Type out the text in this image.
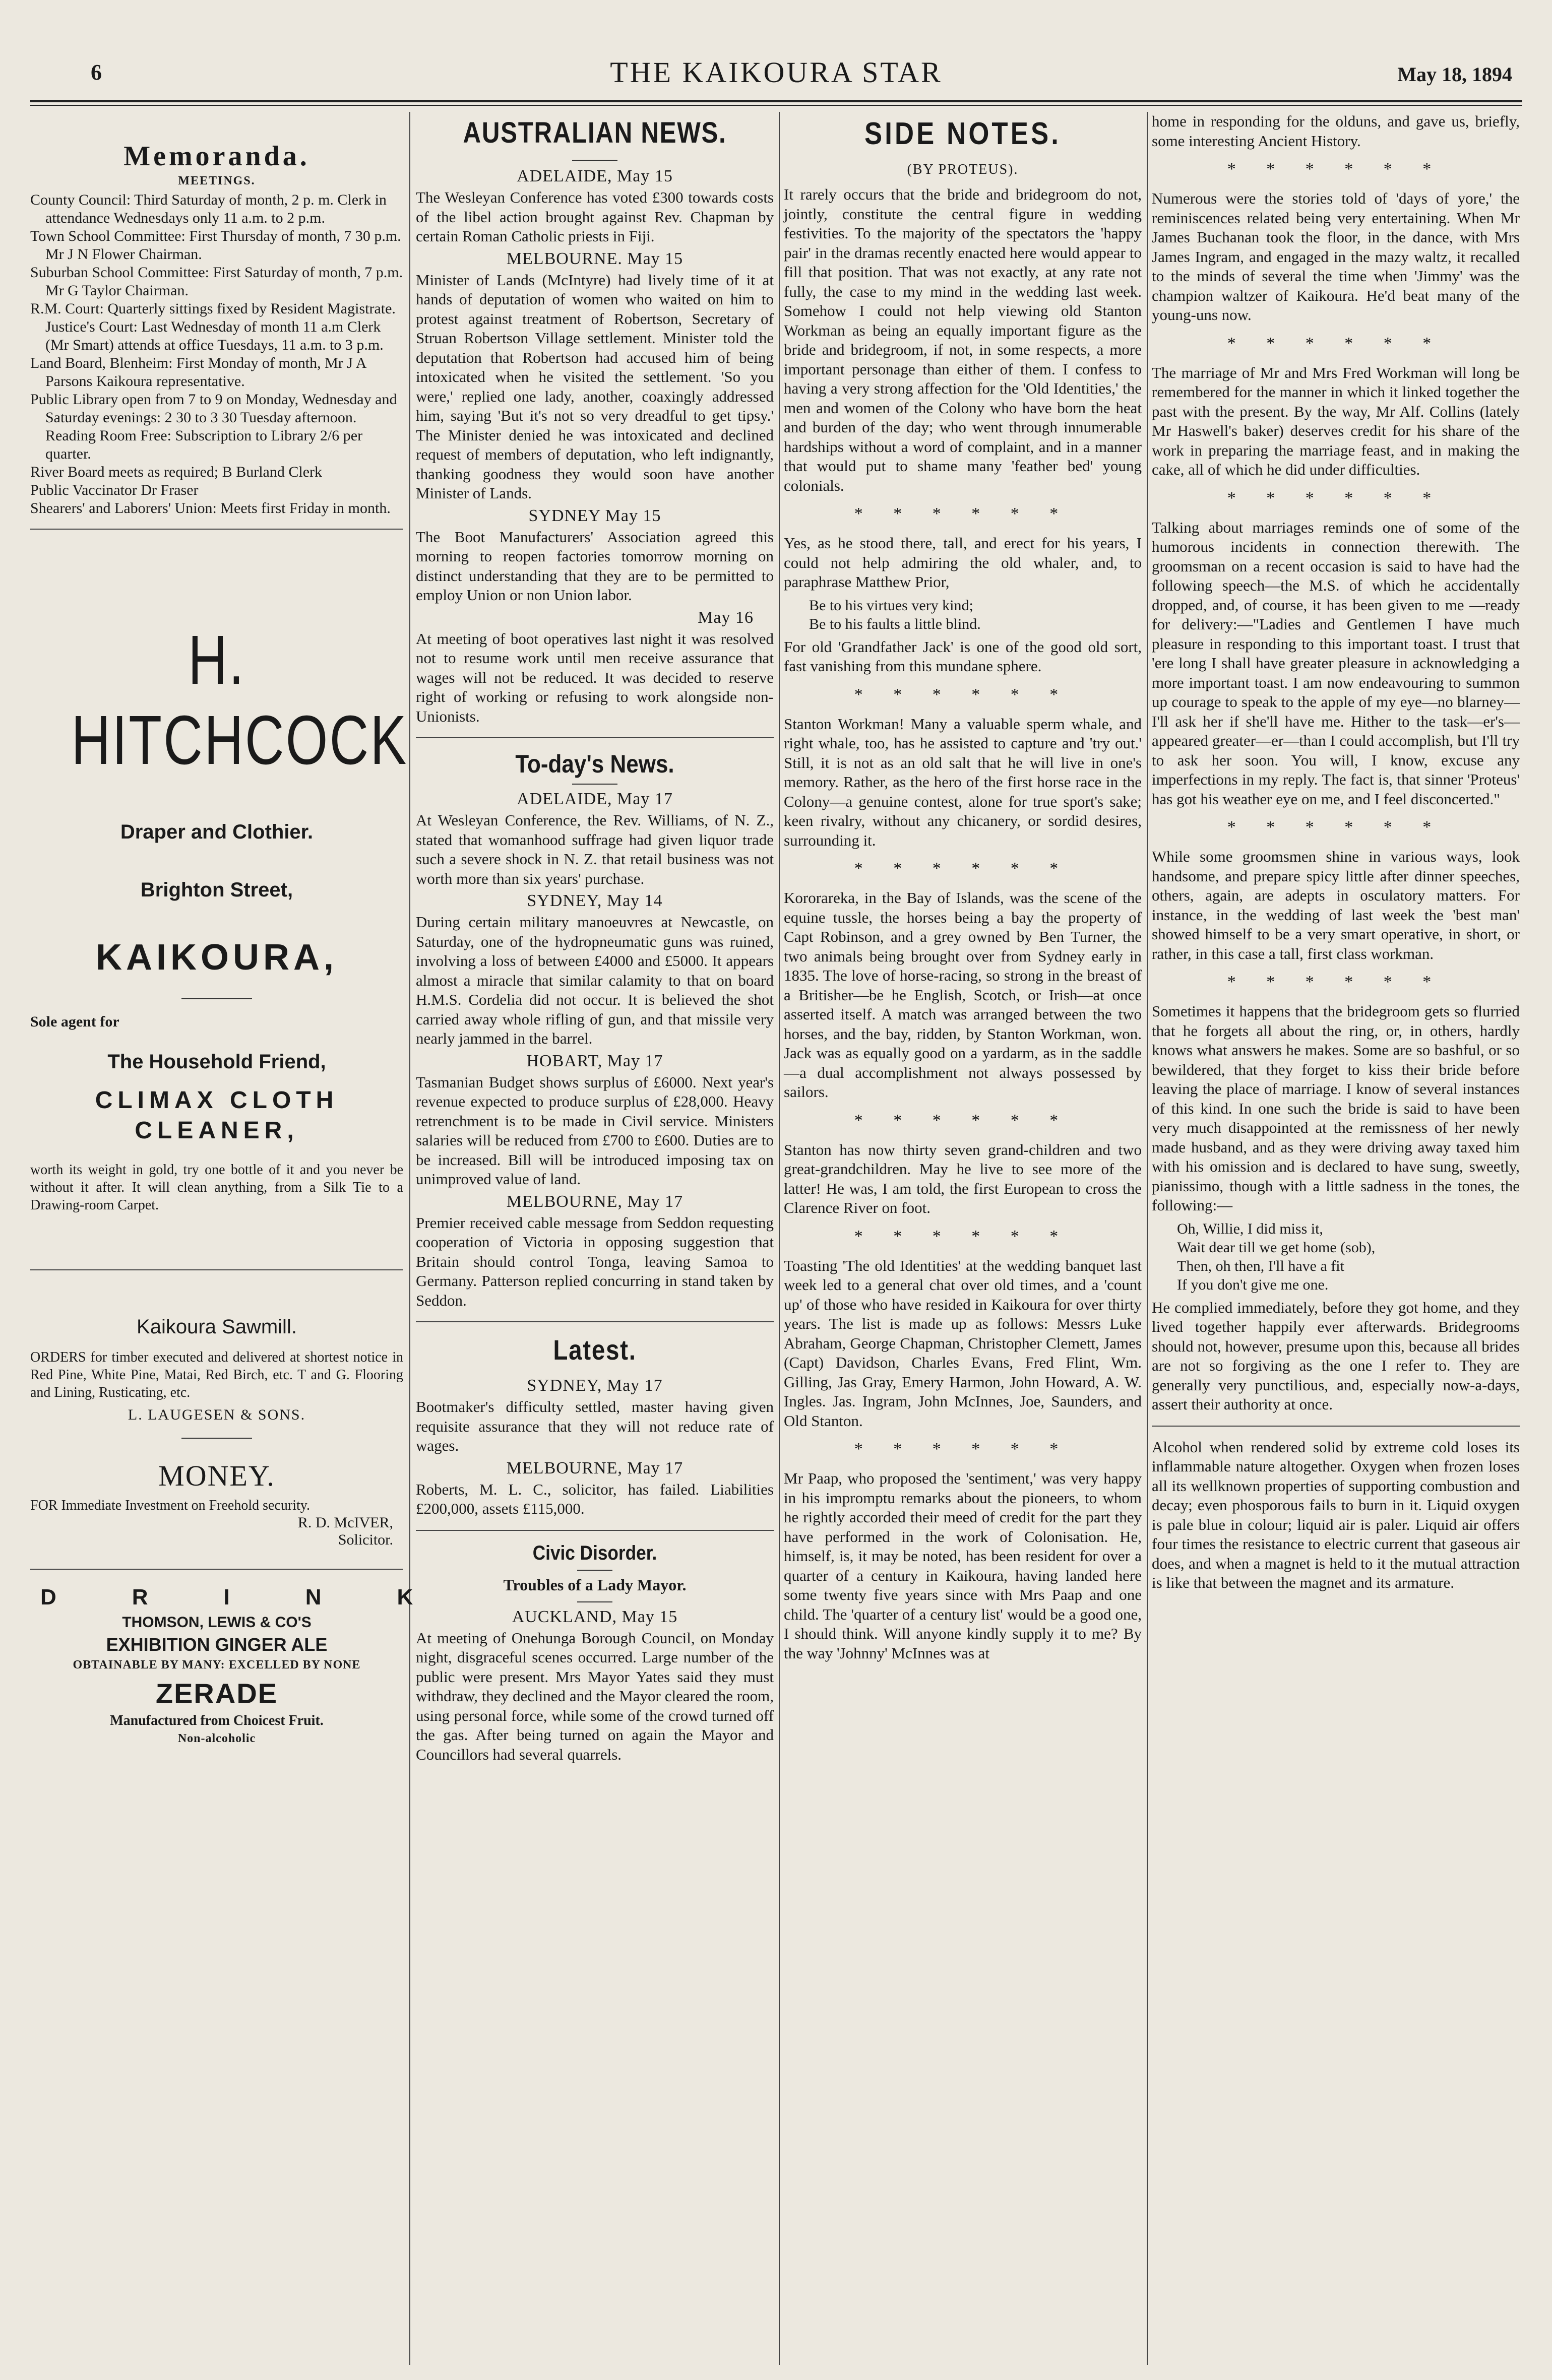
6	THE KAIKOURA STAR	May 18, 1894
Memoranda.
MEETINGS.

County Council: Third Saturday of month, 2 p. m. Clerk in attendance Wednesdays only 11 a.m. to 2 p.m.

Town School Committee: First Thursday of month, 7 30 p.m. Mr J N Flower Chairman.

Suburban School Committee: First Saturday of month, 7 p.m. Mr G Taylor Chairman.

R.M. Court: Quarterly sittings fixed by Resident Magistrate. Justice's Court: Last Wednesday of month 11 a.m Clerk (Mr Smart) attends at office Tuesdays, 11 a.m. to 3 p.m.

Land Board, Blenheim: First Monday of month, Mr J A Parsons Kaikoura representative.

Public Library open from 7 to 9 on Monday, Wednesday and Saturday evenings: 2 30 to 3 30 Tuesday afternoon. Reading Room Free: Subscription to Library 2/6 per quarter.

River Board meets as required; B Burland Clerk

Public Vaccinator Dr Fraser

Shearers' and Laborers' Union: Meets first Friday in month.

H. HITCHCOCK
Draper and Clothier.
Brighton Street,
KAIKOURA,
Sole agent for
The Household Friend,
CLIMAX CLOTH CLEANER,
worth its weight in gold, try one bottle of it and you never be without it after. It will clean anything, from a Silk Tie to a Drawing-room Carpet.
Kaikoura Sawmill.
ORDERS for timber executed and delivered at shortest notice in Red Pine, White Pine, Matai, Red Birch, etc. T and G. Flooring and Lining, Rusticating, etc.
L. LAUGESEN & SONS.
MONEY.
FOR Immediate Investment on Freehold security.
R. D. McIVER,
Solicitor.
DRINK
THOMSON, LEWIS & CO'S
EXHIBITION GINGER ALE
OBTAINABLE BY MANY: EXCELLED BY NONE
ZERADE
Manufactured from Choicest Fruit.
Non-alcoholic
AUSTRALIAN NEWS.
ADELAIDE, May 15

The Wesleyan Conference has voted £300 towards costs of the libel action brought against Rev. Chapman by certain Roman Catholic priests in Fiji.

MELBOURNE. May 15

Minister of Lands (McIntyre) had lively time of it at hands of deputation of women who waited on him to protest against treatment of Robertson, Secretary of Struan Robertson Village settlement. Minister told the deputation that Robertson had accused him of being intoxicated when he visited the settlement. 'So you were,' replied one lady, another, coaxingly addressed him, saying 'But it's not so very dreadful to get tipsy.' The Minister denied he was intoxicated and declined request of members of deputation, who left indignantly, thanking goodness they would soon have another Minister of Lands.

SYDNEY May 15

The Boot Manufacturers' Association agreed this morning to reopen factories tomorrow morning on distinct understanding that they are to be permitted to employ Union or non Union labor.

May 16

At meeting of boot operatives last night it was resolved not to resume work until men receive assurance that wages will not be reduced. It was decided to reserve right of working or refusing to work alongside non-Unionists.

To-day's News.
ADELAIDE, May 17

At Wesleyan Conference, the Rev. Williams, of N. Z., stated that womanhood suffrage had given liquor trade such a severe shock in N. Z. that retail business was not worth more than six years' purchase.

SYDNEY, May 14

During certain military manoeuvres at Newcastle, on Saturday, one of the hydropneumatic guns was ruined, involving a loss of between £4000 and £5000. It appears almost a miracle that similar calamity to that on board H.M.S. Cordelia did not occur. It is believed the shot carried away whole rifling of gun, and that missile very nearly jammed in the barrel.

HOBART, May 17

Tasmanian Budget shows surplus of £6000. Next year's revenue expected to produce surplus of £28,000. Heavy retrenchment is to be made in Civil service. Ministers salaries will be reduced from £700 to £600. Duties are to be increased. Bill will be introduced imposing tax on unimproved value of land.

MELBOURNE, May 17

Premier received cable message from Seddon requesting cooperation of Victoria in opposing suggestion that Britain should control Tonga, leaving Samoa to Germany. Patterson replied concurring in stand taken by Seddon.

Latest.
SYDNEY, May 17

Bootmaker's difficulty settled, master having given requisite assurance that they will not reduce rate of wages.

MELBOURNE, May 17

Roberts, M. L. C., solicitor, has failed. Liabilities £200,000, assets £115,000.

Civic Disorder.
Troubles of a Lady Mayor.
AUCKLAND, May 15

At meeting of Onehunga Borough Council, on Monday night, disgraceful scenes occurred. Large number of the public were present. Mrs Mayor Yates said they must withdraw, they declined and the Mayor cleared the room, using personal force, while some of the crowd turned off the gas. After being turned on again the Mayor and Councillors had several quarrels.

SIDE NOTES.
(BY PROTEUS).

It rarely occurs that the bride and bridegroom do not, jointly, constitute the central figure in wedding festivities. To the majority of the spectators the 'happy pair' in the dramas recently enacted here would appear to fill that position. That was not exactly, at any rate not fully, the case to my mind in the wedding last week. Somehow I could not help viewing old Stanton Workman as being an equally important figure as the bride and bridegroom, if not, in some respects, a more important personage than either of them. I confess to having a very strong affection for the 'Old Identities,' the men and women of the Colony who have born the heat and burden of the day; who went through innumerable hardships without a word of complaint, and in a manner that would put to shame many 'feather bed' young colonials.

* * * * * *

Yes, as he stood there, tall, and erect for his years, I could not help admiring the old whaler, and, to paraphrase Matthew Prior,

Be to his virtues very kind;
Be to his faults a little blind.

For old 'Grandfather Jack' is one of the good old sort, fast vanishing from this mundane sphere.

* * * * * *

Stanton Workman! Many a valuable sperm whale, and right whale, too, has he assisted to capture and 'try out.' Still, it is not as an old salt that he will live in one's memory. Rather, as the hero of the first horse race in the Colony—a genuine contest, alone for true sport's sake; keen rivalry, without any chicanery, or sordid desires, surrounding it.

* * * * * *

Kororareka, in the Bay of Islands, was the scene of the equine tussle, the horses being a bay the property of Capt Robinson, and a grey owned by Ben Turner, the two animals being brought over from Sydney early in 1835. The love of horse-racing, so strong in the breast of a Britisher—be he English, Scotch, or Irish—at once asserted itself. A match was arranged between the two horses, and the bay, ridden, by Stanton Workman, won. Jack was as equally good on a yardarm, as in the saddle—a dual accomplishment not always possessed by sailors.

* * * * * *

Stanton has now thirty seven grand-children and two great-grandchildren. May he live to see more of the latter! He was, I am told, the first European to cross the Clarence River on foot.

* * * * * *

Toasting 'The old Identities' at the wedding banquet last week led to a general chat over old times, and a 'count up' of those who have resided in Kaikoura for over thirty years. The list is made up as follows: Messrs Luke Abraham, George Chapman, Christopher Clemett, James (Capt) Davidson, Charles Evans, Fred Flint, Wm. Gilling, Jas Gray, Emery Harmon, John Howard, A. W. Ingles. Jas. Ingram, John McInnes, Joe, Saunders, and Old Stanton.

* * * * * *

Mr Paap, who proposed the 'sentiment,' was very happy in his impromptu remarks about the pioneers, to whom he rightly accorded their meed of credit for the part they have performed in the work of Colonisation. He, himself, is, it may be noted, has been resident for over a quarter of a century in Kaikoura, having landed here some twenty five years since with Mrs Paap and one child. The 'quarter of a century list' would be a good one, I should think. Will anyone kindly supply it to me? By the way 'Johnny' McInnes was at

home in responding for the olduns, and gave us, briefly, some interesting Ancient History.

* * * * * *

Numerous were the stories told of 'days of yore,' the reminiscences related being very entertaining. When Mr James Buchanan took the floor, in the dance, with Mrs James Ingram, and engaged in the mazy waltz, it recalled to the minds of several the time when 'Jimmy' was the champion waltzer of Kaikoura. He'd beat many of the young-uns now.

* * * * * *

The marriage of Mr and Mrs Fred Workman will long be remembered for the manner in which it linked together the past with the present. By the way, Mr Alf. Collins (lately Mr Haswell's baker) deserves credit for his share of the work in preparing the marriage feast, and in making the cake, all of which he did under difficulties.

* * * * * *

Talking about marriages reminds one of some of the humorous incidents in connection therewith. The groomsman on a recent occasion is said to have had the following speech—the M.S. of which he accidentally dropped, and, of course, it has been given to me —ready for delivery:—"Ladies and Gentlemen I have much pleasure in responding to this important toast. I trust that 'ere long I shall have greater pleasure in acknowledging a more important toast. I am now endeavouring to summon up courage to speak to the apple of my eye—no blarney—I'll ask her if she'll have me. Hither to the task—er's—appeared greater—er—than I could accomplish, but I'll try to ask her soon. You will, I know, excuse any imperfections in my reply. The fact is, that sinner 'Proteus' has got his weather eye on me, and I feel disconcerted."

* * * * * *

While some groomsmen shine in various ways, look handsome, and prepare spicy little after dinner speeches, others, again, are adepts in osculatory matters. For instance, in the wedding of last week the 'best man' showed himself to be a very smart operative, in short, or rather, in this case a tall, first class workman.

* * * * * *

Sometimes it happens that the bridegroom gets so flurried that he forgets all about the ring, or, in others, hardly knows what answers he makes. Some are so bashful, or so bewildered, that they forget to kiss their bride before leaving the place of marriage. I know of several instances of this kind. In one such the bride is said to have been very much disappointed at the remissness of her newly made husband, and as they were driving away taxed him with his omission and is declared to have sung, sweetly, pianissimo, though with a little sadness in the tones, the following:—

Oh, Willie, I did miss it,
Wait dear till we get home (sob),
Then, oh then, I'll have a fit
If you don't give me one.

He complied immediately, before they got home, and they lived together happily ever afterwards. Bridegrooms should not, however, presume upon this, because all brides are not so forgiving as the one I refer to. They are generally very punctilious, and, especially now-a-days, assert their authority at once.

Alcohol when rendered solid by extreme cold loses its inflammable nature altogether. Oxygen when frozen loses all its wellknown properties of supporting combustion and decay; even phosporous fails to burn in it. Liquid oxygen is pale blue in colour; liquid air is paler. Liquid air offers four times the resistance to electric current that gaseous air does, and when a magnet is held to it the mutual attraction is like that between the magnet and its armature.
